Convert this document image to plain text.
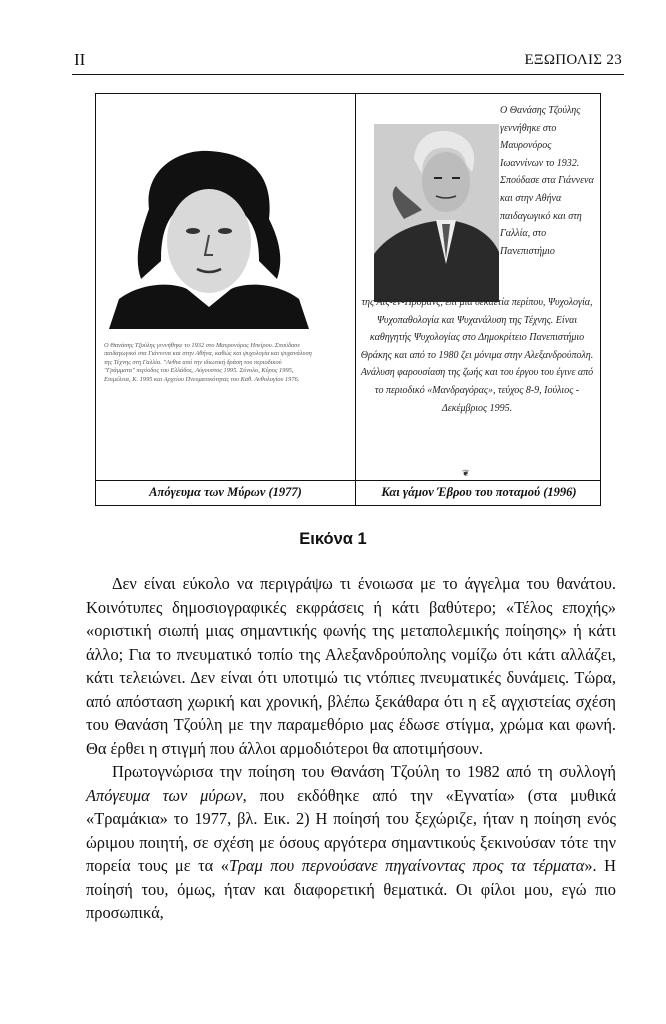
ΙΙ	ΕΞΩΠΟΛΙΣ 23
Ο Θανάσης Τζούλης γεννήθηκε το 1932 στο Μαυρονόρος Ηπείρου. Σπούδασε παιδαγωγικό στα Γιάννενα και στην Αθήνα, καθώς και ψυχολογία και ψυχανάλυση της Τέχνης στη Γαλλία. "Ανθια από την ιδιωτική δράση του περιοδικού "Γράμματα" περίοδος του Ελλάδος, Αύγουστος 1995. Σύνολο, Κύρος 1995, Επιμέλεια, Κ. 1995 και Αρχείου Πνευματικότητας του Καθ. Ανθολογίου 1976.
Ο Θανάσης Τζούλης γεννήθηκε στο Μαυρονόρος Ιωαννίνων το 1932. Σπούδασε στα Γιάννενα και στην Αθήνα παιδαγωγικό και στη Γαλλία, στο Πανεπιστήμιο
της Αιξ-εν-Προβάνς, επί μια δεκαετία περίπου, Ψυχολογία, Ψυχοπαθολογία και Ψυχανάλυση της Τέχνης. Είναι καθηγητής Ψυχολογίας στο Δημοκρίτειο Πανεπιστήμιο Θράκης και από το 1980 ζει μόνιμα στην Αλεξανδρούπολη. Ανάλυση φαρουσίαση της ζωής και του έργου του έγινε από το περιοδικό «Μανδραγόρας», τεύχος 8-9, Ιούλιος - Δεκέμβριος 1995.
❦
Απόγευμα των Μύρων (1977)	Και γάμον Έβρου του ποταμού (1996)
Εικόνα 1

Δεν είναι εύκολο να περιγράψω τι ένοιωσα με το άγγελμα του θανάτου. Κοινότυπες δημοσιογραφικές εκφράσεις ή κάτι βαθύτερο; «Τέλος εποχής» «οριστική σιωπή μιας σημαντικής φωνής της μεταπολεμικής ποίησης» ή κάτι άλλο; Για το πνευματικό τοπίο της Αλεξανδρούπολης νομίζω ότι κάτι αλλάζει, κάτι τελειώνει. Δεν είναι ότι υποτιμώ τις ντόπιες πνευματικές δυνάμεις. Τώρα, από απόσταση χωρική και χρονική, βλέπω ξεκάθαρα ότι η εξ αγχιστείας σχέση του Θανάση Τζούλη με την παραμεθόριο μας έδωσε στίγμα, χρώμα και φωνή. Θα έρθει η στιγμή που άλλοι αρμοδιότεροι θα αποτιμήσουν.

Πρωτογνώρισα την ποίηση του Θανάση Τζούλη το 1982 από τη συλλογή Απόγευμα των μύρων, που εκδόθηκε από την «Εγνατία» (στα μυθικά «Τραμάκια» το 1977, βλ. Εικ. 2) Η ποίησή του ξεχώριζε, ήταν η ποίηση ενός ώριμου ποιητή, σε σχέση με όσους αργότερα σημαντικούς ξεκινούσαν τότε την πορεία τους με τα «Τραμ που περνούσανε πηγαίνοντας προς τα τέρματα». Η ποίησή του, όμως, ήταν και διαφορετική θεματικά. Οι φίλοι μου, εγώ πιο προσωπικά,
